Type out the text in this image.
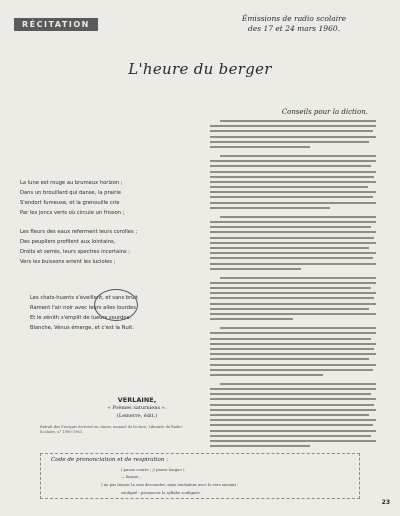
RÉCITATION
Émissions de radio scolaire
des 17 et 24 mars 1960.
L'heure du berger
Conseils pour la diction.
La lune est rouge au brumeux horizon ;
Dans un brouillard qui danse, la prairie
S'endort fumeuse, et la grenouille crie
Par les joncs verts où circule un frisson ;
Les fleurs des eaux referment leurs corolles ;
Des peupliers profilent aux lointains,
Droits et serrés, leurs spectres incertains ;
Vers les buissons errent les lucioles ;
Les chats-huants s'éveillent, et sans bruit
Rament l'air noir avec leurs ailes lourdes,
Et le zénith s'emplit de lueurs sourdes.
Blanche, Vénus émerge, et c'est la Nuit.
VERLAINE,
« Poèmes saturniens ».
(Lemerre, édit.)
Extrait des Français écrivent en classe, manuel de lecture, Librairie de Radio-Scolaire, n° 1980-1963.
Code de prononciation et de respiration :
( pause courte ; // pause longue )
— liaison ;
] ne pas laisser la voix descendre, mais enchaîner avec le vers suivant ;
souligné : prononcer la syllabe soulignée.
23
